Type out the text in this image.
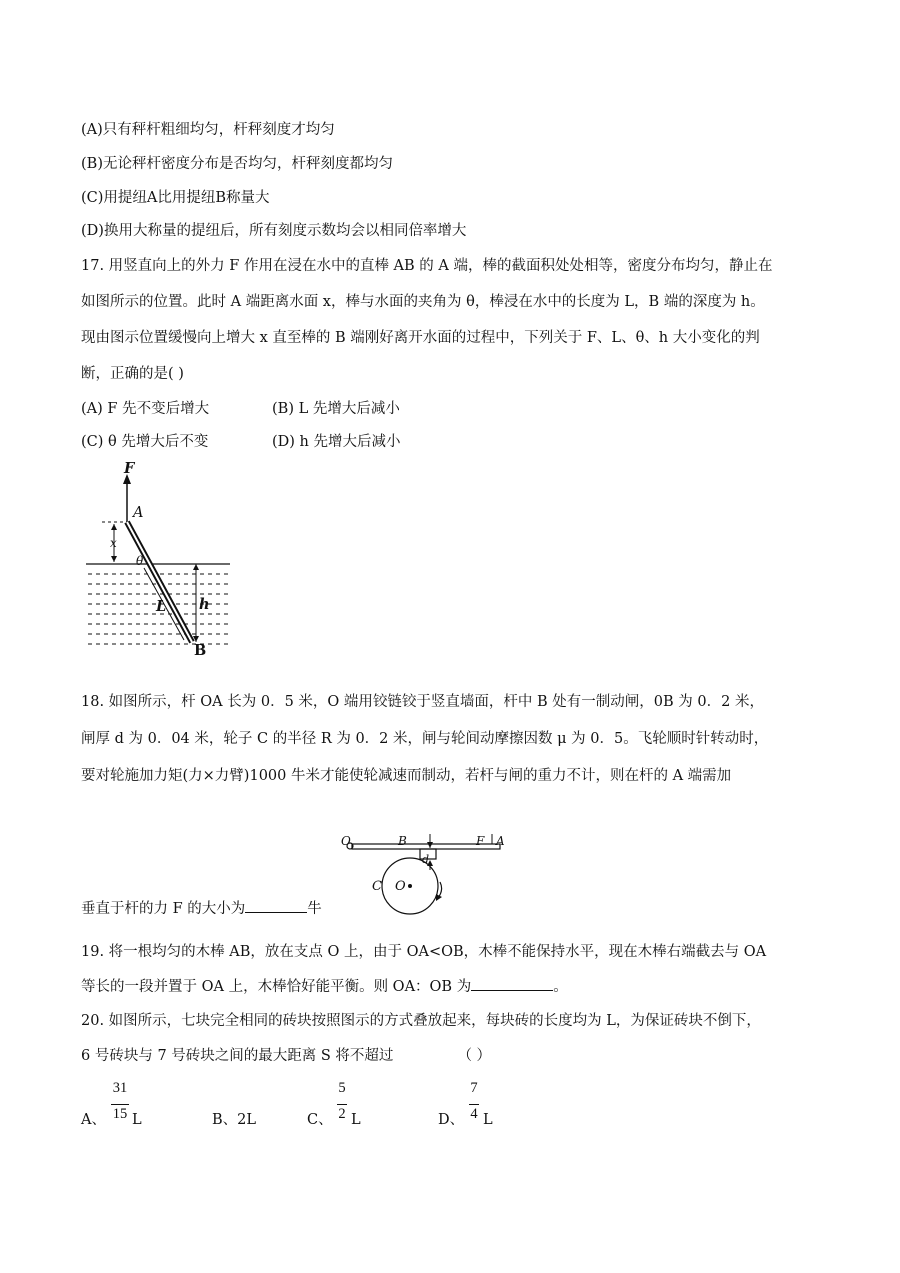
(A)只有秤杆粗细均匀，杆秤刻度才均匀
(B)无论秤杆密度分布是否均匀，杆秤刻度都均匀
(C)用提纽A比用提纽B称量大
(D)换用大称量的提纽后，所有刻度示数均会以相同倍率增大
17. 用竖直向上的外力 F 作用在浸在水中的直棒 AB 的 A 端，棒的截面积处处相等，密度分布均匀，静止在
如图所示的位置。此时 A 端距离水面 x，棒与水面的夹角为 θ，棒浸在水中的长度为 L，B 端的深度为 h。
现由图示位置缓慢向上增大 x 直至棒的 B 端刚好离开水面的过程中，下列关于 F、L、θ、h 大小变化的判
断，正确的是( )
(A) F 先不变后增大	(B) L 先增大后减小
(C) θ 先增大后不变	(D) h 先增大后减小
F
A
x
θ
L h
B
18. 如图所示，杆 OA 长为 0．5 米，O 端用铰链铰于竖直墙面，杆中 B 处有一制动闸，0B 为 0．2 米，
闸厚 d 为 0．04 米，轮子 C 的半径 R 为 0．2 米，闸与轮间动摩擦因数 μ 为 0．5。飞轮顺时针转动时，
要对轮施加力矩(力×力臂)1000 牛米才能使轮减速而制动，若杆与闸的重力不计，则在杆的 A 端需加
O	B	F A
d
C O
垂直于杆的力 F 的大小为	牛
19. 将一根均匀的木棒 AB，放在支点 O 上，由于 OA<OB，木棒不能保持水平，现在木棒右端截去与 OA
等长的一段并置于 OA 上，木棒恰好能平衡。则 OA：OB 为	。
20. 如图所示，七块完全相同的砖块按照图示的方式叠放起来，每块砖的长度均为 L，为保证砖块不倒下，
6 号砖块与 7 号砖块之间的最大距离 S 将不超过	（ ）
A、
31
15 L	B、2L	C、
5
2 L	D、
7
4 L
